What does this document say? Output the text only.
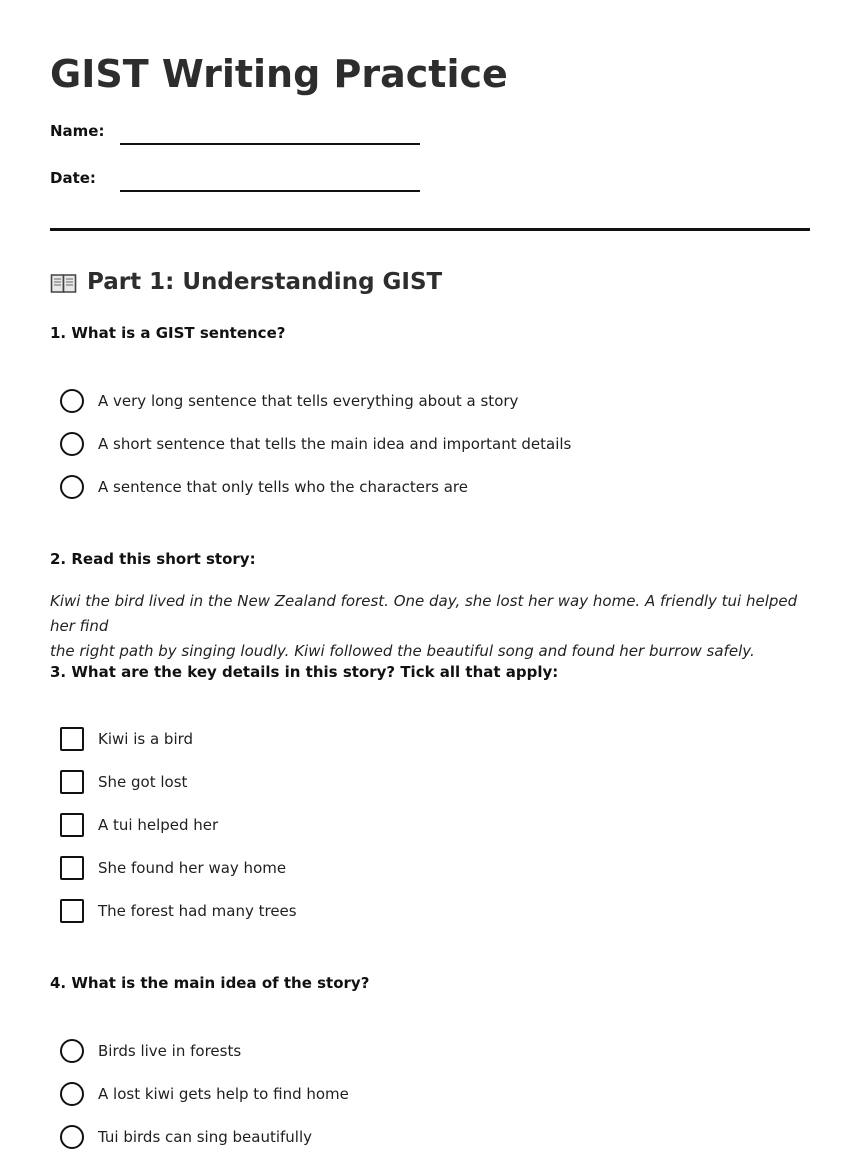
GIST Writing Practice
Name:
Date:
Part 1: Understanding GIST
1. What is a GIST sentence?
A very long sentence that tells everything about a story
A short sentence that tells the main idea and important details
A sentence that only tells who the characters are
2. Read this short story:

Kiwi the bird lived in the New Zealand forest. One day, she lost her way home. A friendly tui helped her find
the right path by singing loudly. Kiwi followed the beautiful song and found her burrow safely.

3. What are the key details in this story? Tick all that apply:
Kiwi is a bird
She got lost
A tui helped her
She found her way home
The forest had many trees
4. What is the main idea of the story?
Birds live in forests
A lost kiwi gets help to find home
Tui birds can sing beautifully
